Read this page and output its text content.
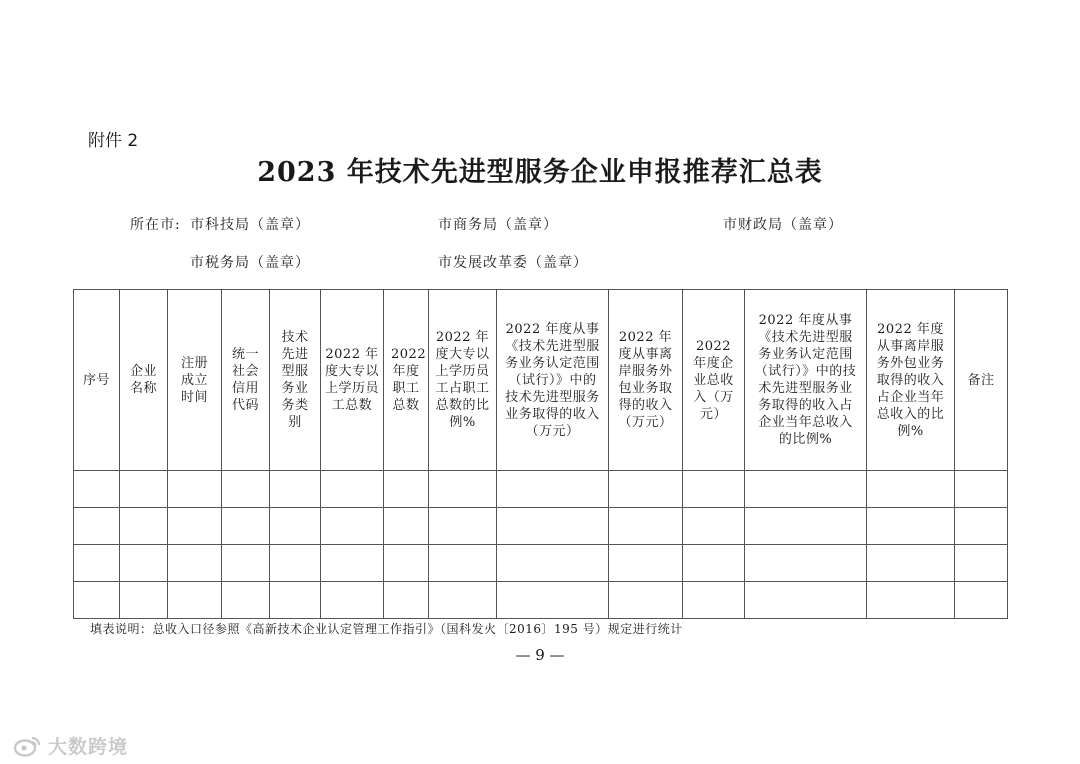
附件 2
2023 年技术先进型服务企业申报推荐汇总表
所在市: 市科技局（盖章）	市商务局（盖章）	市财政局（盖章）
市税务局（盖章）	市发展改革委（盖章）
序号	企业名称	注册成立时间	统一社会信用代码	技术先进型服务业务类别	2022 年度大专以上学历员工总数	2022 年度职工总数	2022 年度大专以上学历员工占职工总数的比例%	2022 年度从事《技术先进型服务业务认定范围（试行）》中的技术先进型服务业务取得的收入（万元）	2022 年度从事离岸服务外包业务取得的收入（万元）	2022 年度企业总收入（万元）	2022 年度从事《技术先进型服务业务认定范围（试行）》中的技术先进型服务业务取得的收入占企业当年总收入的比例%	2022 年度从事离岸服务外包业务取得的收入占企业当年总收入的比例%	备注

填表说明：总收入口径参照《高新技术企业认定管理工作指引》（国科发火〔2016〕195 号）规定进行统计
— 9 —
大数跨境
